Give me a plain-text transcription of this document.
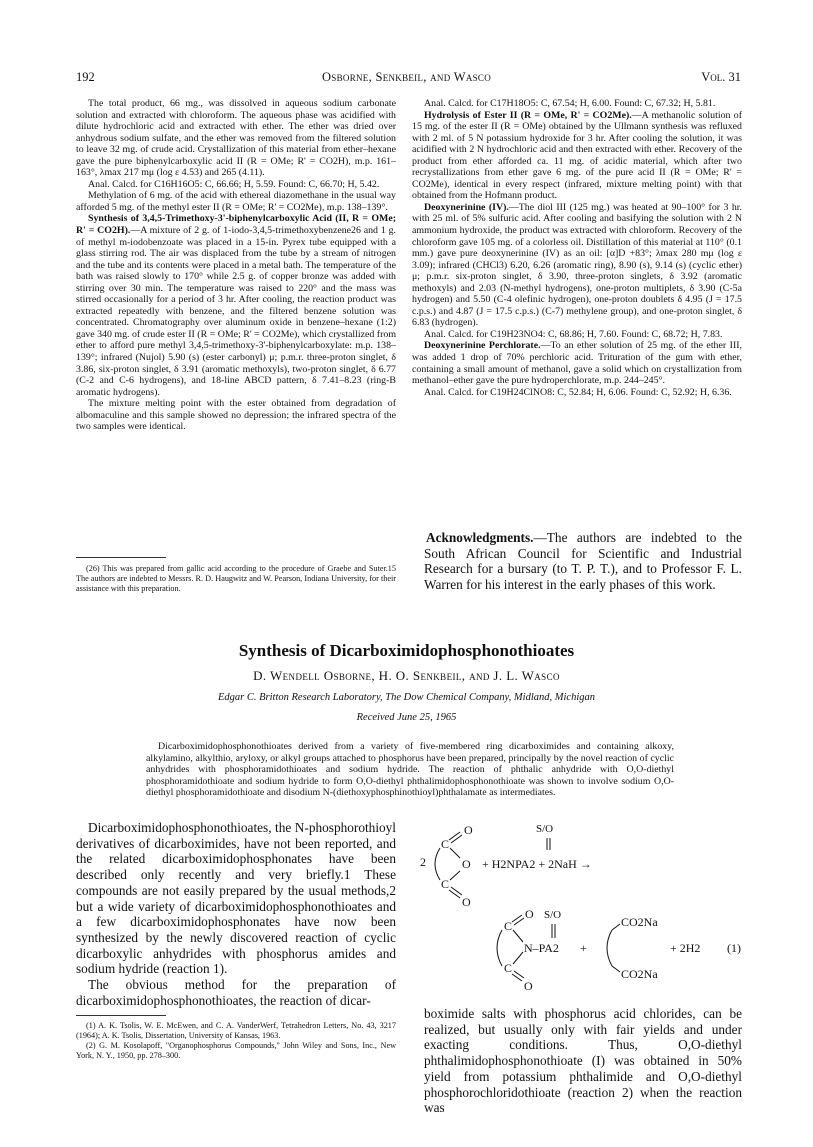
192	Osborne, Senkbeil, and Wasco	Vol. 31

The total product, 66 mg., was dissolved in aqueous sodium carbonate solution and extracted with chloroform. The aqueous phase was acidified with dilute hydrochloric acid and extracted with ether. The ether was dried over anhydrous sodium sulfate, and the ether was removed from the filtered solution to leave 32 mg. of crude acid. Crystallization of this material from ether–hexane gave the pure biphenylcarboxylic acid II (R = OMe; R' = CO2H), m.p. 161–163°, λmax 217 mμ (log ε 4.53) and 265 (4.11).

Anal. Calcd. for C16H16O5: C, 66.66; H, 5.59. Found: C, 66.70; H, 5.42.

Methylation of 6 mg. of the acid with ethereal diazomethane in the usual way afforded 5 mg. of the methyl ester II (R = OMe; R' = CO2Me), m.p. 138–139°.

Synthesis of 3,4,5-Trimethoxy-3'-biphenylcarboxylic Acid (II, R = OMe; R' = CO2H).—A mixture of 2 g. of 1-iodo-3,4,5-trimethoxybenzene26 and 1 g. of methyl m-iodobenzoate was placed in a 15-in. Pyrex tube equipped with a glass stirring rod. The air was displaced from the tube by a stream of nitrogen and the tube and its contents were placed in a metal bath. The temperature of the bath was raised slowly to 170° while 2.5 g. of copper bronze was added with stirring over 30 min. The temperature was raised to 220° and the mass was stirred occasionally for a period of 3 hr. After cooling, the reaction product was extracted repeatedly with benzene, and the filtered benzene solution was concentrated. Chromatography over aluminum oxide in benzene–hexane (1:2) gave 340 mg. of crude ester II (R = OMe; R' = CO2Me), which crystallized from ether to afford pure methyl 3,4,5-trimethoxy-3'-biphenylcarboxylate: m.p. 138–139°; infrared (Nujol) 5.90 (s) (ester carbonyl) μ; p.m.r. three-proton singlet, δ 3.86, six-proton singlet, δ 3.91 (aromatic methoxyls), two-proton singlet, δ 6.77 (C-2 and C-6 hydrogens), and 18-line ABCD pattern, δ 7.41–8.23 (ring-B aromatic hydrogens).

The mixture melting point with the ester obtained from degradation of albomaculine and this sample showed no depression; the infrared spectra of the two samples were identical.

(26) This was prepared from gallic acid according to the procedure of Graebe and Suter.15 The authors are indebted to Messrs. R. D. Haugwitz and W. Pearson, Indiana University, for their assistance with this preparation.

Anal. Calcd. for C17H18O5: C, 67.54; H, 6.00. Found: C, 67.32; H, 5.81.

Hydrolysis of Ester II (R = OMe, R' = CO2Me).—A methanolic solution of 15 mg. of the ester II (R = OMe) obtained by the Ullmann synthesis was refluxed with 2 ml. of 5 N potassium hydroxide for 3 hr. After cooling the solution, it was acidified with 2 N hydrochloric acid and then extracted with ether. Recovery of the product from ether afforded ca. 11 mg. of acidic material, which after two recrystallizations from ether gave 6 mg. of the pure acid II (R = OMe; R' = CO2Me), identical in every respect (infrared, mixture melting point) with that obtained from the Hofmann product.

Deoxynerinine (IV).—The diol III (125 mg.) was heated at 90–100° for 3 hr. with 25 ml. of 5% sulfuric acid. After cooling and basifying the solution with 2 N ammonium hydroxide, the product was extracted with chloroform. Recovery of the chloroform gave 105 mg. of a colorless oil. Distillation of this material at 110° (0.1 mm.) gave pure deoxynerinine (IV) as an oil: [α]D +83°; λmax 280 mμ (log ε 3.09); infrared (CHCl3) 6.20, 6.26 (aromatic ring), 8.90 (s), 9.14 (s) (cyclic ether) μ; p.m.r. six-proton singlet, δ 3.90, three-proton singlets, δ 3.92 (aromatic methoxyls) and 2.03 (N-methyl hydrogens), one-proton multiplets, δ 3.90 (C-5a hydrogen) and 5.50 (C-4 olefinic hydrogen), one-proton doublets δ 4.95 (J = 17.5 c.p.s.) and 4.87 (J = 17.5 c.p.s.) (C-7) methylene group), and one-proton singlet, δ 6.83 (hydrogen).

Anal. Calcd. for C19H23NO4: C, 68.86; H, 7.60. Found: C, 68.72; H, 7.83.

Deoxynerinine Perchlorate.—To an ether solution of 25 mg. of the ether III, was added 1 drop of 70% perchloric acid. Trituration of the gum with ether, containing a small amount of methanol, gave a solid which on crystallization from methanol–ether gave the pure hydroperchlorate, m.p. 244–245°.

Anal. Calcd. for C19H24ClNO8: C, 52.84; H, 6.06. Found: C, 52.92; H, 6.36.

Acknowledgments.—The authors are indebted to the South African Council for Scientific and Industrial Research for a bursary (to T. P. T.), and to Professor F. L. Warren for his interest in the early phases of this work.

Synthesis of Dicarboximidophosphonothioates
D. Wendell Osborne, H. O. Senkbeil, and J. L. Wasco
Edgar C. Britton Research Laboratory, The Dow Chemical Company, Midland, Michigan
Received June 25, 1965
Dicarboximidophosphonothioates derived from a variety of five-membered ring dicarboximides and containing alkoxy, alkylamino, alkylthio, aryloxy, or alkyl groups attached to phosphorus have been prepared, principally by the novel reaction of cyclic anhydrides with phosphoramidothioates and sodium hydride. The reaction of phthalic anhydride with O,O-diethyl phosphoramidothioate and sodium hydride to form O,O-diethyl phthalimidophosphonothioate was shown to involve sodium O,O-diethyl phosphoramidothioate and disodium N-(diethoxyphosphinothioyl)phthalamate as intermediates.

Dicarboximidophosphonothioates, the N-phosphorothioyl derivatives of dicarboximides, have not been reported, and the related dicarboximidophosphonates have been described only recently and very briefly.1 These compounds are not easily prepared by the usual methods,2 but a wide variety of dicarboximidophosphonothioates and a few dicarboximidophosphonates have now been synthesized by the newly discovered reaction of cyclic dicarboxylic anhydrides with phosphorus amides and sodium hydride (reaction 1).

The obvious method for the preparation of dicarboximidophosphonothioates, the reaction of dicar-

(1) A. K. Tsolis, W. E. McEwen, and C. A. VanderWerf, Tetrahedron Letters, No. 43, 3217 (1964); A. K. Tsolis, Dissertation, University of Kansas, 1963.

(2) G. M. Kosolapoff, "Organophosphorus Compounds," John Wiley and Sons, Inc., New York, N. Y., 1950, pp. 278–300.

2
C
C
O
O
O
S/O
+ H2NPA2 + 2NaH →
C
C
O
O
N–PA2
S/O
+
CO2Na
CO2Na
+ 2H2 (1)

boximide salts with phosphorus acid chlorides, can be realized, but usually only with fair yields and under exacting conditions. Thus, O,O-diethyl phthalimidophosphonothioate (I) was obtained in 50% yield from potassium phthalimide and O,O-diethyl phosphorochloridothioate (reaction 2) when the reaction was
